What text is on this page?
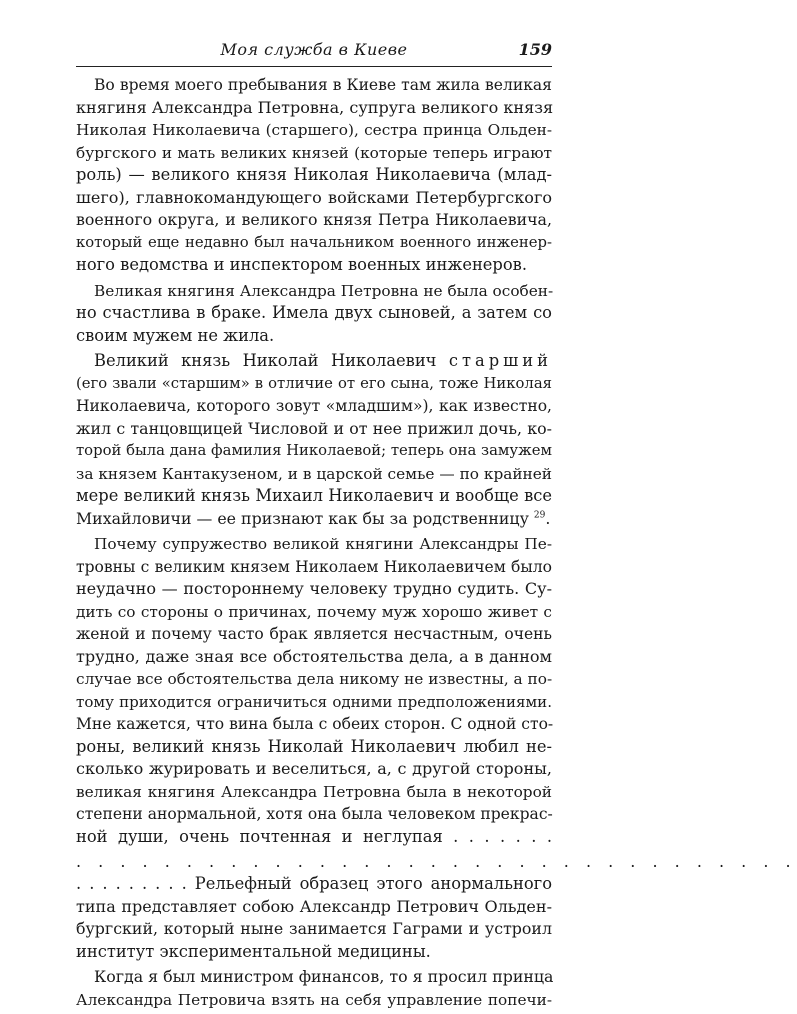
Моя служба в Киеве	159

Во время моего пребывания в Киеве там жила великая
княгиня Александра Петровна, супруга великого князя
Николая Николаевича (старшего), сестра принца Ольден-
бургского и мать великих князей (которые теперь играют
роль) — великого князя Николая Николаевича (млад-
шего), главнокомандующего войсками Петербургского
военного округа, и великого князя Петра Николаевича,
который еще недавно был начальником военного инженер-
ного ведомства и инспектором военных инженеров.

Великая княгиня Александра Петровна не была особен-
но счастлива в браке. Имела двух сыновей, а затем со
своим мужем не жила.

Великий князь Николай Николаевич старший
(его звали «старшим» в отличие от его сына, тоже Николая
Николаевича, которого зовут «младшим»), как известно,
жил с танцовщицей Числовой и от нее прижил дочь, ко-
торой была дана фамилия Николаевой; теперь она замужем
за князем Кантакузеном, и в царской семье — по крайней
мере великий князь Михаил Николаевич и вообще все
Михайловичи — ее признают как бы за родственницу $^{29}$.

Почему супружество великой княгини Александры Пе-
тровны с великим князем Николаем Николаевичем было
неудачно — постороннему человеку трудно судить. Су-
дить со стороны о причинах, почему муж хорошо живет с
женой и почему часто брак является несчастным, очень
трудно, даже зная все обстоятельства дела, а в данном
случае все обстоятельства дела никому не известны, а по-
тому приходится ограничиться одними предположениями.
Мне кажется, что вина была с обеих сторон. С одной сто-
роны, великий князь Николай Николаевич любил не-
сколько журировать и веселиться, а, с другой стороны,
великая княгиня Александра Петровна была в некоторой
степени анормальной, хотя она была человеком прекрас-
ной души, очень почтенная и неглупая . . . . . . .

. . . . . . . . . . . . . . . . . . . . . . . . . . . . . . . . .

. . . . . . . . . Рельефный образец этого анормального
типа представляет собою Александр Петрович Ольден-
бургский, который ныне занимается Гаграми и устроил
институт экспериментальной медицины.

Когда я был министром финансов, то я просил принца
Александра Петровича взять на себя управление попечи-
